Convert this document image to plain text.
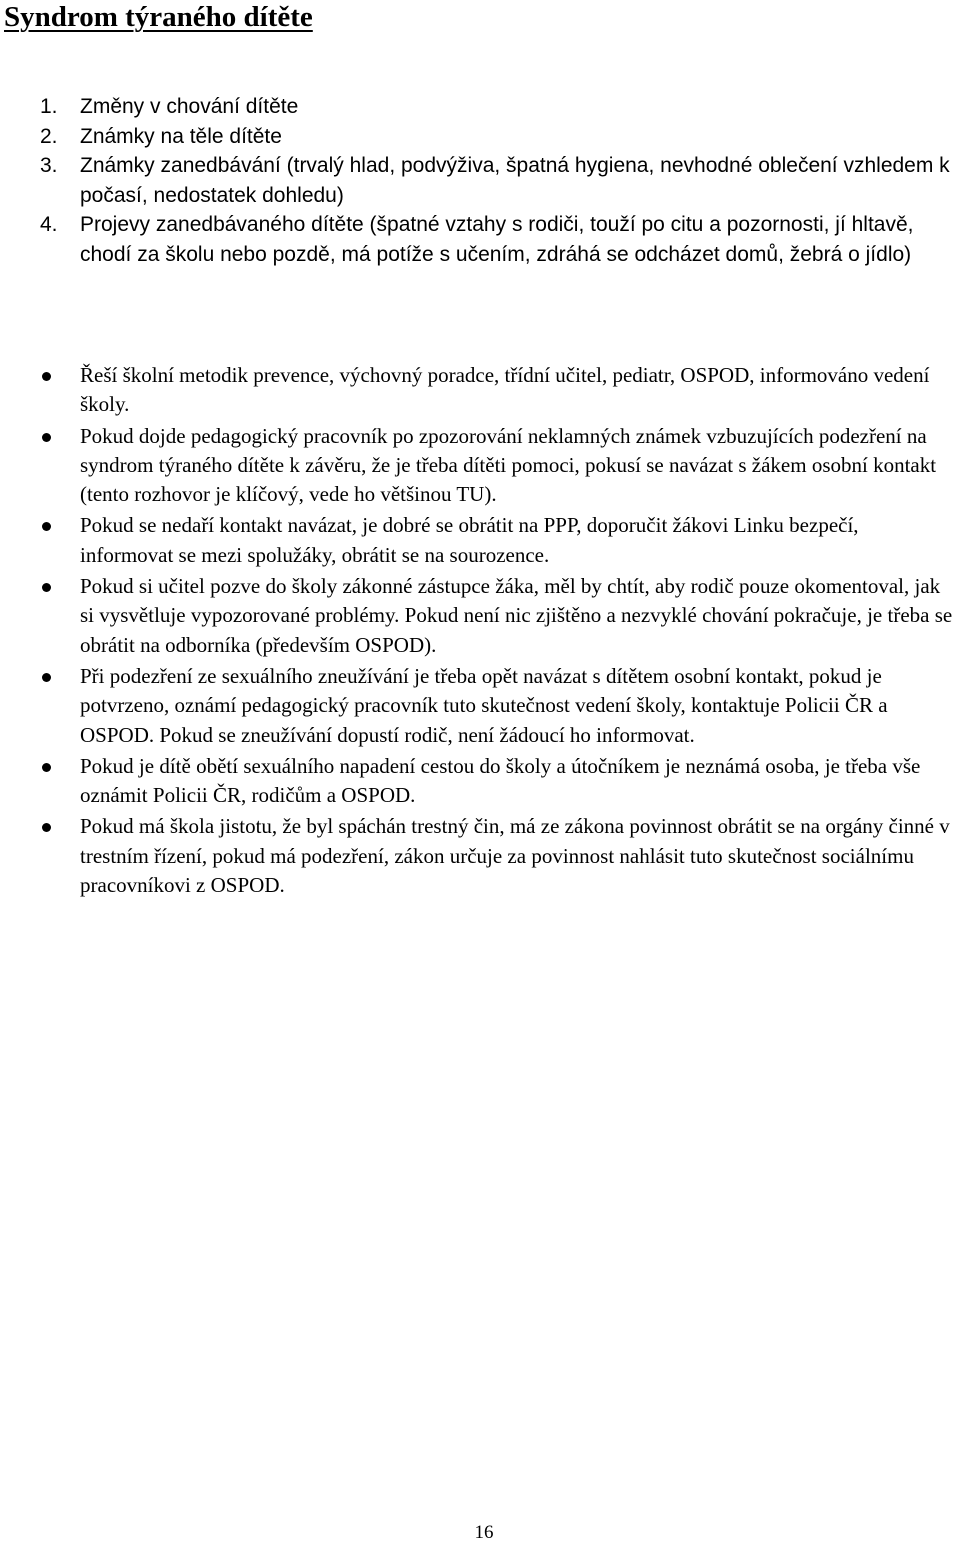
Syndrom týraného dítěte
1. Změny v chování dítěte
2. Známky na těle dítěte
3. Známky zanedbávání (trvalý hlad, podvýživa, špatná hygiena, nevhodné oblečení vzhledem k počasí, nedostatek dohledu)
4. Projevy zanedbávaného dítěte (špatné vztahy s rodiči, touží po citu a pozornosti, jí hltavě, chodí za školu nebo pozdě, má potíže s učením, zdráhá se odcházet domů, žebrá o jídlo)
Řeší školní metodik prevence, výchovný poradce, třídní učitel, pediatr, OSPOD, informováno vedení školy.
Pokud dojde pedagogický pracovník po zpozorování neklamných známek vzbuzujících podezření na syndrom týraného dítěte k závěru, že je třeba dítěti pomoci, pokusí se navázat s žákem osobní kontakt (tento rozhovor je klíčový, vede ho většinou TU).
Pokud se nedaří kontakt navázat, je dobré se obrátit na PPP, doporučit žákovi Linku bezpečí, informovat se mezi spolužáky, obrátit se na sourozence.
Pokud si učitel pozve do školy zákonné zástupce žáka, měl by chtít, aby rodič pouze okomentoval, jak si vysvětluje vypozorované problémy. Pokud není nic zjištěno a nezvyklé chování pokračuje, je třeba se obrátit na odborníka (především OSPOD).
Při podezření ze sexuálního zneužívání je třeba opět navázat s dítětem osobní kontakt, pokud je potvrzeno, oznámí pedagogický pracovník tuto skutečnost vedení školy, kontaktuje Policii ČR a OSPOD. Pokud se zneužívání dopustí rodič, není žádoucí ho informovat.
Pokud je dítě obětí sexuálního napadení cestou do školy a útočníkem je neznámá osoba, je třeba vše oznámit Policii ČR, rodičům a OSPOD.
Pokud má škola jistotu, že byl spáchán trestný čin, má ze zákona povinnost obrátit se na orgány činné v trestním řízení, pokud má podezření, zákon určuje za povinnost nahlásit tuto skutečnost sociálnímu pracovníkovi z OSPOD.
16
